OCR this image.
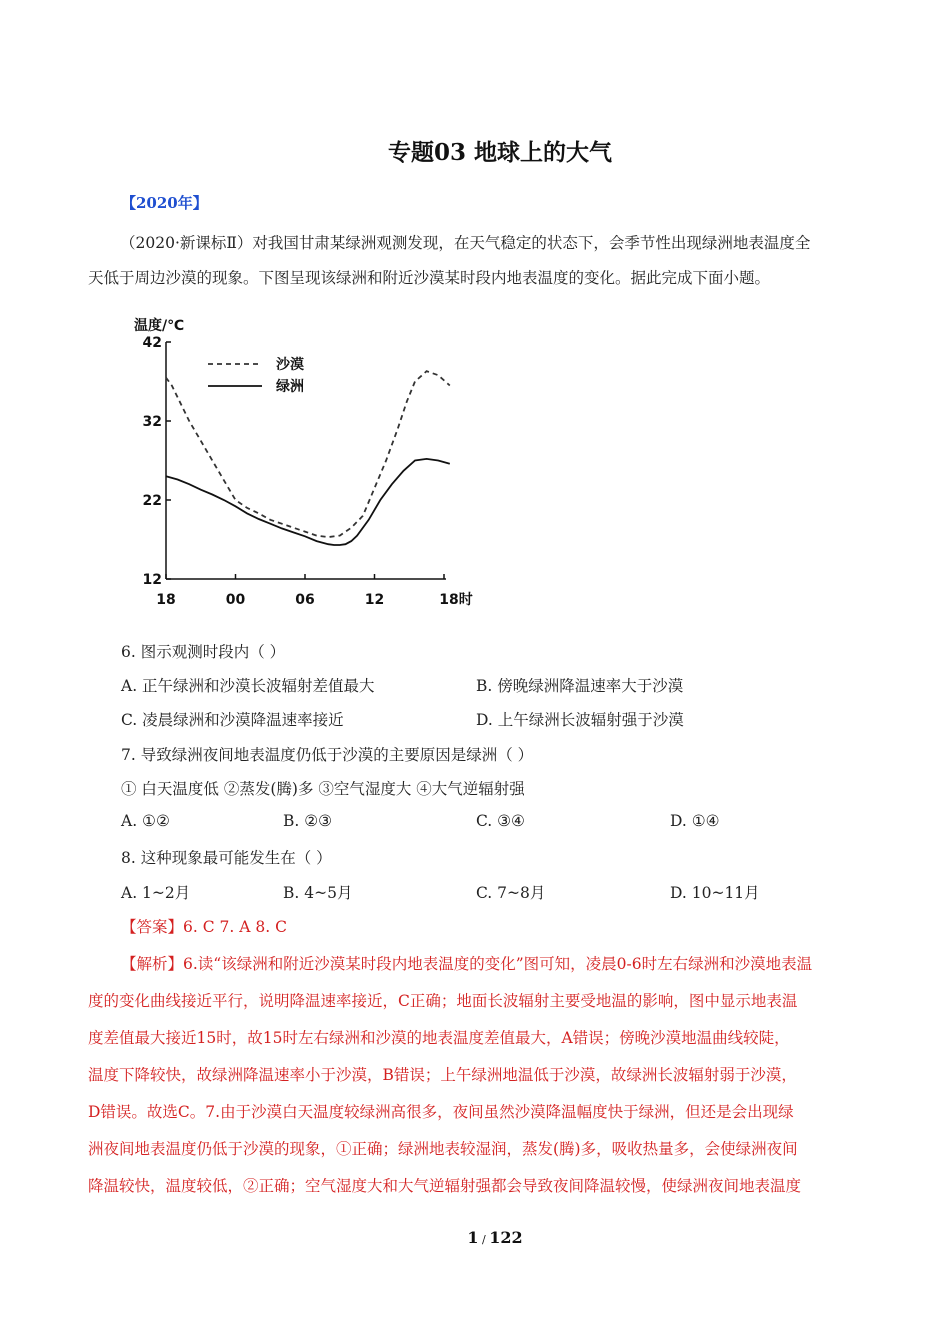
专题03 地球上的大气
【2020年】
（2020·新课标Ⅱ）对我国甘肃某绿洲观测发现，在天气稳定的状态下，会季节性出现绿洲地表温度全
天低于周边沙漠的现象。下图呈现该绿洲和附近沙漠某时段内地表温度的变化。据此完成下面小题。
温度/℃
42
32
22
12
18	00	06	12	18时
沙漠
绿洲
6. 图示观测时段内（ ）
A. 正午绿洲和沙漠长波辐射差值最大	B. 傍晚绿洲降温速率大于沙漠
C. 凌晨绿洲和沙漠降温速率接近	D. 上午绿洲长波辐射强于沙漠
7. 导致绿洲夜间地表温度仍低于沙漠的主要原因是绿洲（ ）
① 白天温度低 ②蒸发(腾)多 ③空气湿度大 ④大气逆辐射强
A. ①②	B. ②③	C. ③④	D. ①④
8. 这种现象最可能发生在（ ）
A. 1~2月	B. 4~5月	C. 7~8月	D. 10~11月
【答案】6. C 7. A 8. C
【解析】6.读“该绿洲和附近沙漠某时段内地表温度的变化”图可知，凌晨0-6时左右绿洲和沙漠地表温
度的变化曲线接近平行，说明降温速率接近，C正确；地面长波辐射主要受地温的影响，图中显示地表温
度差值最大接近15时，故15时左右绿洲和沙漠的地表温度差值最大，A错误；傍晚沙漠地温曲线较陡，
温度下降较快，故绿洲降温速率小于沙漠，B错误；上午绿洲地温低于沙漠，故绿洲长波辐射弱于沙漠，
D错误。故选C。7.由于沙漠白天温度较绿洲高很多，夜间虽然沙漠降温幅度快于绿洲，但还是会出现绿
洲夜间地表温度仍低于沙漠的现象，①正确；绿洲地表较湿润，蒸发(腾)多，吸收热量多，会使绿洲夜间
降温较快，温度较低，②正确；空气湿度大和大气逆辐射强都会导致夜间降温较慢，使绿洲夜间地表温度
1 / 122
